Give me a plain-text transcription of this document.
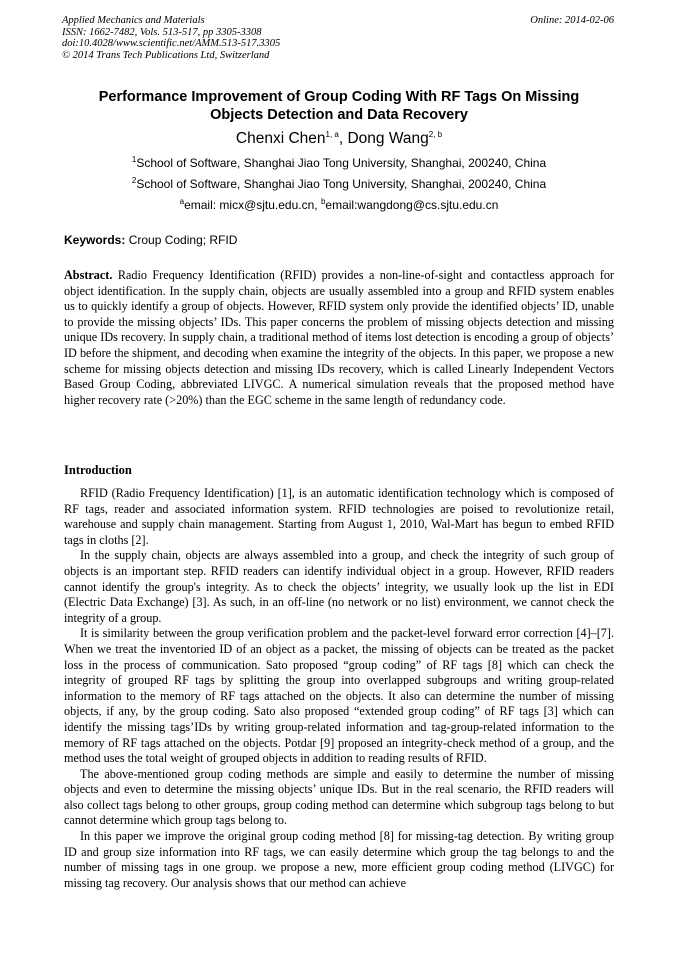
Applied Mechanics and Materials
ISSN: 1662-7482, Vols. 513-517, pp 3305-3308
doi:10.4028/www.scientific.net/AMM.513-517.3305
© 2014 Trans Tech Publications Ltd, Switzerland
Online: 2014-02-06
Performance Improvement of Group Coding With RF Tags On Missing
Objects Detection and Data Recovery
Chenxi Chen$^{1, a}$, Dong Wang$^{2, b}$
$^1$School of Software, Shanghai Jiao Tong University, Shanghai, 200240, China
$^2$School of Software, Shanghai Jiao Tong University, Shanghai, 200240, China
$^a$email: micx@sjtu.edu.cn, $^b$email:wangdong@cs.sjtu.edu.cn
Keywords: Croup Coding; RFID

Abstract. Radio Frequency Identification (RFID) provides a non-line-of-sight and contactless approach for object identification. In the supply chain, objects are usually assembled into a group and RFID system enables us to quickly identify a group of objects. However, RFID system only provide the identified objects’ ID, unable to provide the missing objects’ IDs. This paper concerns the problem of missing objects detection and missing unique IDs recovery. In supply chain, a traditional method of items lost detection is encoding a group of objects’ ID before the shipment, and decoding when examine the integrity of the objects. In this paper, we propose a new scheme for missing objects detection and missing IDs recovery, which is called Linearly Independent Vectors Based Group Coding, abbreviated LIVGC. A numerical simulation reveals that the proposed method have higher recovery rate (>20%) than the EGC scheme in the same length of redundancy code.

Introduction

RFID (Radio Frequency Identification) [1], is an automatic identification technology which is composed of RF tags, reader and associated information system. RFID technologies are poised to revolutionize retail, warehouse and supply chain management. Starting from August 1, 2010, Wal-Mart has begun to embed RFID tags in cloths [2].

In the supply chain, objects are always assembled into a group, and check the integrity of such group of objects is an important step. RFID readers can identify individual object in a group. However, RFID readers cannot identify the group's integrity. As to check the objects’ integrity, we usually look up the list in EDI (Electric Data Exchange) [3]. As such, in an off-line (no network or no list) environment, we cannot check the integrity of a group.

It is similarity between the group verification problem and the packet-level forward error correction [4]–[7]. When we treat the inventoried ID of an object as a packet, the missing of objects can be treated as the packet loss in the process of communication. Sato proposed “group coding” of RF tags [8] which can check the integrity of grouped RF tags by splitting the group into overlapped subgroups and writing group-related information to the memory of RF tags attached on the objects. It also can determine the number of missing objects, if any, by the group coding. Sato also proposed “extended group coding” of RF tags [3] which can identify the missing tags’IDs by writing group-related information and tag-group-related information to the memory of RF tags attached on the objects. Potdar [9] proposed an integrity-check method of a group, and the method uses the total weight of grouped objects in addition to reading results of RFID.

The above-mentioned group coding methods are simple and easily to determine the number of missing objects and even to determine the missing objects’ unique IDs. But in the real scenario, the RFID readers will also collect tags belong to other groups, group coding method can determine which subgroup tags belong to but cannot determine which group tags belong to.

In this paper we improve the original group coding method [8] for missing-tag detection. By writing group ID and group size information into RF tags, we can easily determine which group the tag belongs to and the number of missing tags in one group. we propose a new, more efficient group coding method (LIVGC) for missing tag recovery. Our analysis shows that our method can achieve
